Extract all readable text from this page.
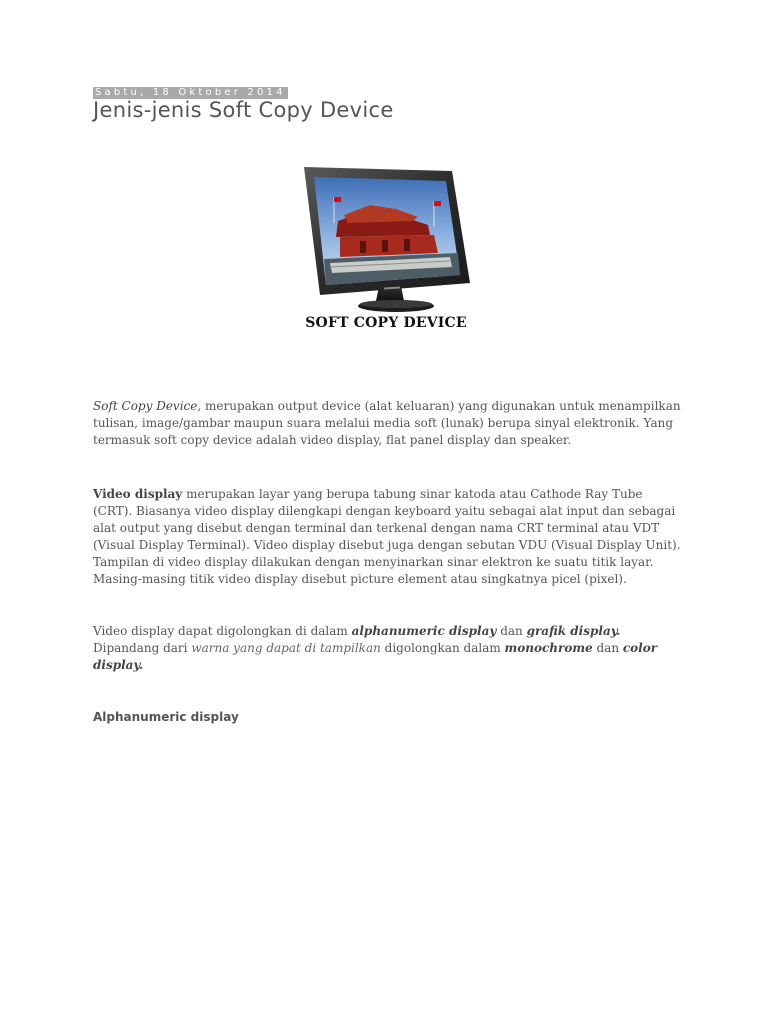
Sabtu, 18 Oktober 2014
Jenis-jenis Soft Copy Device
SOFT COPY DEVICE

Soft Copy Device, merupakan output device (alat keluaran) yang digunakan untuk menampilkan tulisan, image/gambar maupun suara melalui media soft (lunak) berupa sinyal elektronik. Yang termasuk soft copy device adalah video display, flat panel display dan speaker.

Video display merupakan layar yang berupa tabung sinar katoda atau Cathode Ray Tube (CRT). Biasanya video display dilengkapi dengan keyboard yaitu sebagai alat input dan sebagai alat output yang disebut dengan terminal dan terkenal dengan nama CRT terminal atau VDT (Visual Display Terminal). Video display disebut juga dengan sebutan VDU (Visual Display Unit). Tampilan di video display dilakukan dengan menyinarkan sinar elektron ke suatu titik layar. Masing-masing titik video display disebut picture element atau singkatnya picel (pixel).

Video display dapat digolongkan di dalam alphanumeric display dan grafik display. Dipandang dari warna yang dapat di tampilkan digolongkan dalam monochrome dan color display.

Alphanumeric display
